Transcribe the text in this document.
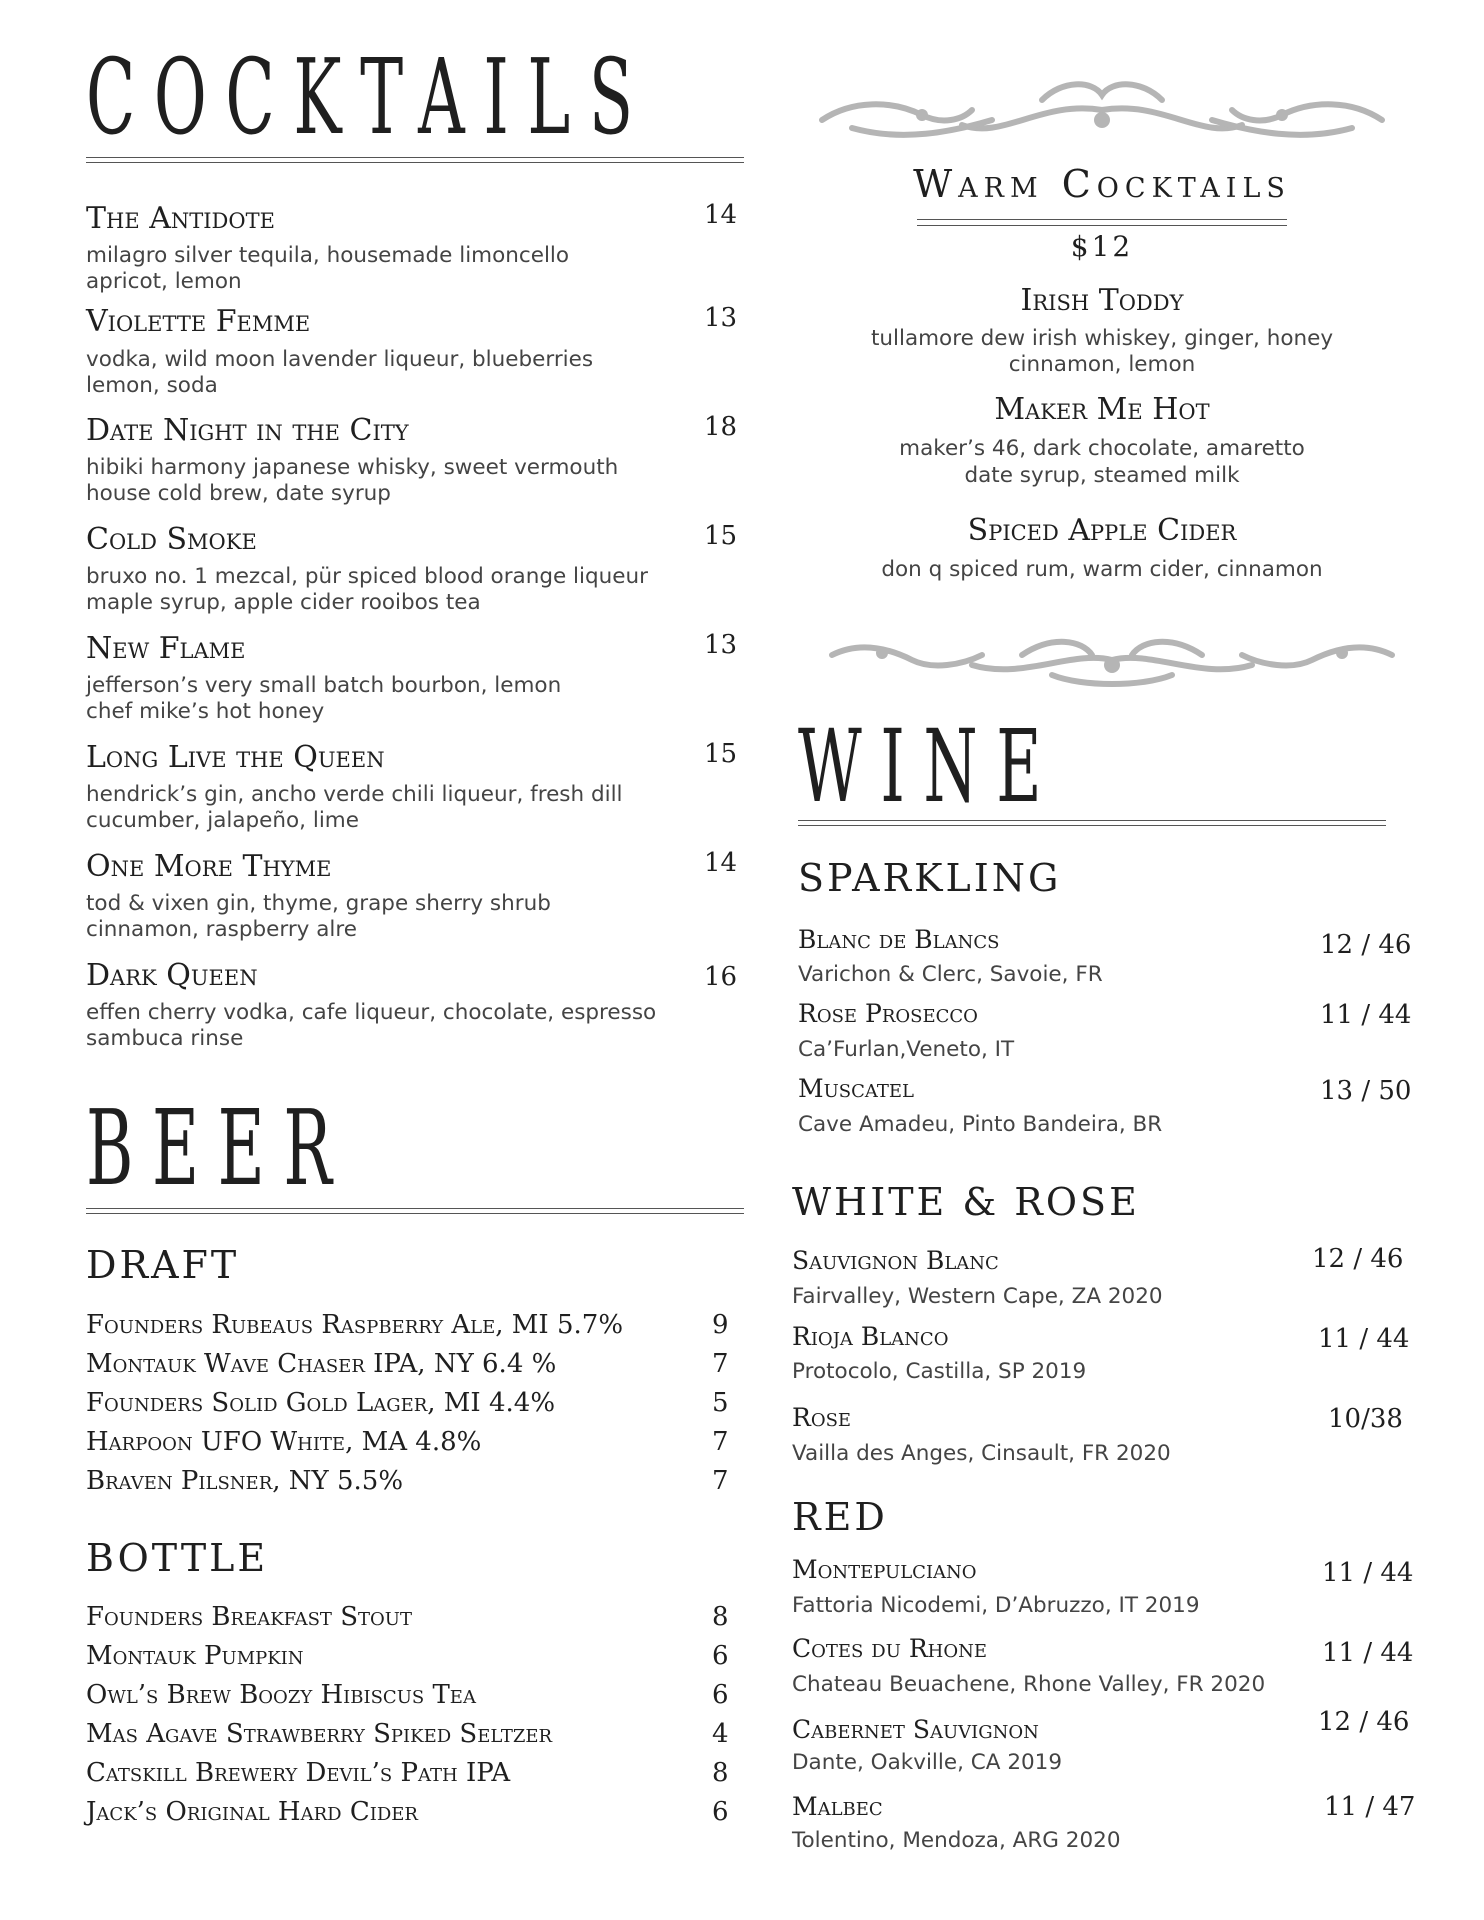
COCKTAILS
The Antidote	14
milagro silver tequila, housemade limoncello
apricot, lemon
Violette Femme	13
vodka, wild moon lavender liqueur, blueberries
lemon, soda
Date Night in the City	18
hibiki harmony japanese whisky, sweet vermouth
house cold brew, date syrup
Cold Smoke	15
bruxo no. 1 mezcal, pür spiced blood orange liqueur
maple syrup, apple cider rooibos tea
New Flame	13
jefferson’s very small batch bourbon, lemon
chef mike’s hot honey
Long Live the Queen	15
hendrick’s gin, ancho verde chili liqueur, fresh dill
cucumber, jalapeño, lime
One More Thyme	14
tod & vixen gin, thyme, grape sherry shrub
cinnamon, raspberry alre
Dark Queen	16
effen cherry vodka, cafe liqueur, chocolate, espresso
sambuca rinse
BEER
DRAFT
Founders Rubeaus Raspberry Ale, MI 5.7%	9
Montauk Wave Chaser IPA, NY 6.4 %	7
Founders Solid Gold Lager, MI 4.4%	5
Harpoon UFO White, MA 4.8%	7
Braven Pilsner, NY 5.5%	7
BOTTLE
Founders Breakfast Stout	8
Montauk Pumpkin	6
Owl’s Brew Boozy Hibiscus Tea	6
Mas Agave Strawberry Spiked Seltzer	4
Catskill Brewery Devil’s Path IPA	8
Jack’s Original Hard Cider	6
Warm Cocktails
$12
Irish Toddy
tullamore dew irish whiskey, ginger, honey
cinnamon, lemon
Maker Me Hot
maker’s 46, dark chocolate, amaretto
date syrup, steamed milk
Spiced Apple Cider
don q spiced rum, warm cider, cinnamon
WINE
SPARKLING
Blanc de Blancs	12 / 46
Varichon & Clerc, Savoie, FR
Rose Prosecco	11 / 44
Ca’Furlan,Veneto, IT
Muscatel	13 / 50
Cave Amadeu, Pinto Bandeira, BR
WHITE & ROSE
Sauvignon Blanc	12 / 46
Fairvalley, Western Cape, ZA 2020
Rioja Blanco	11 / 44
Protocolo, Castilla, SP 2019
Rose	10/38
Vailla des Anges, Cinsault, FR 2020
RED
Montepulciano	11 / 44
Fattoria Nicodemi, D’Abruzzo, IT 2019
Cotes du Rhone	11 / 44
Chateau Beuachene, Rhone Valley, FR 2020
Cabernet Sauvignon	12 / 46
Dante, Oakville, CA 2019
Malbec	11 / 47
Tolentino, Mendoza, ARG 2020
